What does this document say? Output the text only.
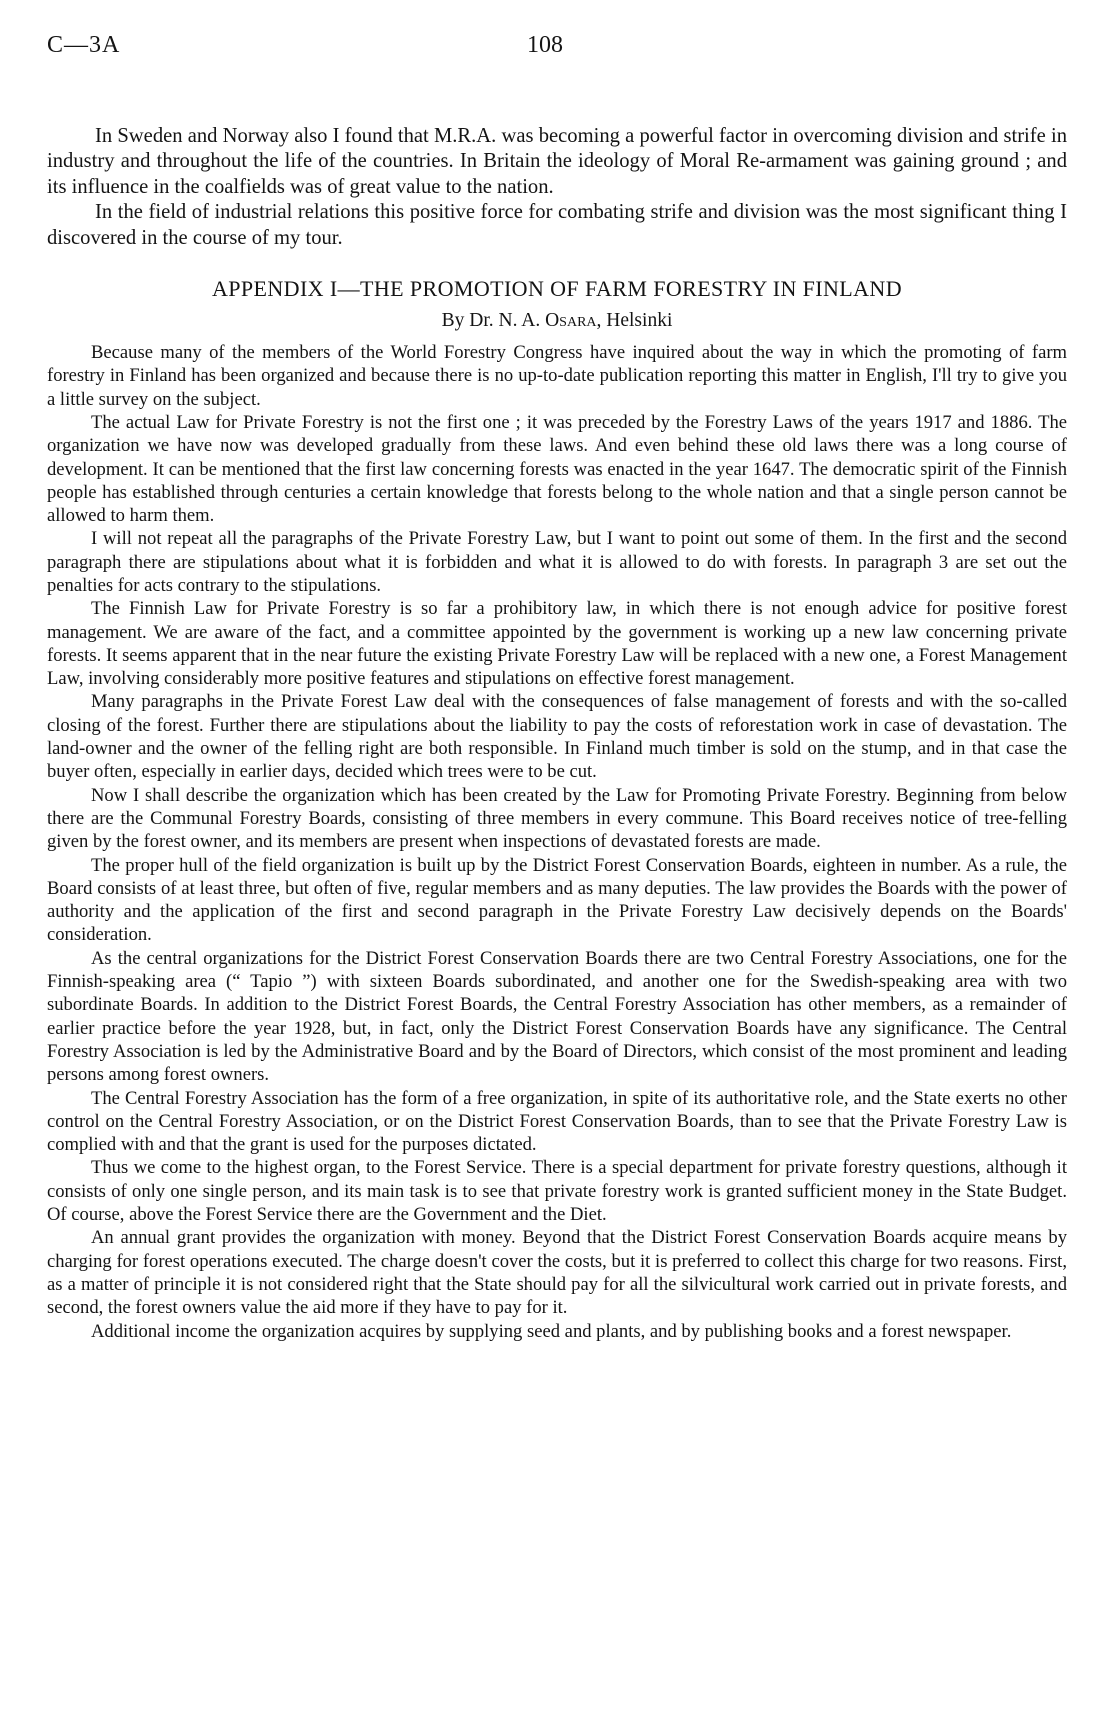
C—3A	108

In Sweden and Norway also I found that M.R.A. was becoming a powerful factor in overcoming division and strife in industry and throughout the life of the countries. In Britain the ideology of Moral Re-armament was gaining ground ; and its influence in the coalfields was of great value to the nation.

In the field of industrial relations this positive force for combating strife and division was the most significant thing I discovered in the course of my tour.

APPENDIX I—THE PROMOTION OF FARM FORESTRY IN FINLAND

By Dr. N. A. Osara, Helsinki

Because many of the members of the World Forestry Congress have inquired about the way in which the promoting of farm forestry in Finland has been organized and because there is no up-to-date publication reporting this matter in English, I'll try to give you a little survey on the subject.

The actual Law for Private Forestry is not the first one ; it was preceded by the Forestry Laws of the years 1917 and 1886. The organization we have now was developed gradually from these laws. And even behind these old laws there was a long course of development. It can be mentioned that the first law concerning forests was enacted in the year 1647. The democratic spirit of the Finnish people has established through centuries a certain knowledge that forests belong to the whole nation and that a single person cannot be allowed to harm them.

I will not repeat all the paragraphs of the Private Forestry Law, but I want to point out some of them. In the first and the second paragraph there are stipulations about what it is forbidden and what it is allowed to do with forests. In paragraph 3 are set out the penalties for acts contrary to the stipulations.

The Finnish Law for Private Forestry is so far a prohibitory law, in which there is not enough advice for positive forest management. We are aware of the fact, and a committee appointed by the government is working up a new law concerning private forests. It seems apparent that in the near future the existing Private Forestry Law will be replaced with a new one, a Forest Management Law, involving considerably more positive features and stipulations on effective forest management.

Many paragraphs in the Private Forest Law deal with the consequences of false management of forests and with the so-called closing of the forest. Further there are stipulations about the liability to pay the costs of reforestation work in case of devastation. The land-owner and the owner of the felling right are both responsible. In Finland much timber is sold on the stump, and in that case the buyer often, especially in earlier days, decided which trees were to be cut.

Now I shall describe the organization which has been created by the Law for Promoting Private Forestry. Beginning from below there are the Communal Forestry Boards, consisting of three members in every commune. This Board receives notice of tree-felling given by the forest owner, and its members are present when inspections of devastated forests are made.

The proper hull of the field organization is built up by the District Forest Conservation Boards, eighteen in number. As a rule, the Board consists of at least three, but often of five, regular members and as many deputies. The law provides the Boards with the power of authority and the application of the first and second paragraph in the Private Forestry Law decisively depends on the Boards' consideration.

As the central organizations for the District Forest Conservation Boards there are two Central Forestry Associations, one for the Finnish-speaking area (“ Tapio ”) with sixteen Boards subordinated, and another one for the Swedish-speaking area with two subordinate Boards. In addition to the District Forest Boards, the Central Forestry Association has other members, as a remainder of earlier practice before the year 1928, but, in fact, only the District Forest Conservation Boards have any significance. The Central Forestry Association is led by the Administrative Board and by the Board of Directors, which consist of the most prominent and leading persons among forest owners.

The Central Forestry Association has the form of a free organization, in spite of its authoritative role, and the State exerts no other control on the Central Forestry Association, or on the District Forest Conservation Boards, than to see that the Private Forestry Law is complied with and that the grant is used for the purposes dictated.

Thus we come to the highest organ, to the Forest Service. There is a special department for private forestry questions, although it consists of only one single person, and its main task is to see that private forestry work is granted sufficient money in the State Budget. Of course, above the Forest Service there are the Government and the Diet.

An annual grant provides the organization with money. Beyond that the District Forest Conservation Boards acquire means by charging for forest operations executed. The charge doesn't cover the costs, but it is preferred to collect this charge for two reasons. First, as a matter of principle it is not considered right that the State should pay for all the silvicultural work carried out in private forests, and second, the forest owners value the aid more if they have to pay for it.

Additional income the organization acquires by supplying seed and plants, and by publishing books and a forest newspaper.
